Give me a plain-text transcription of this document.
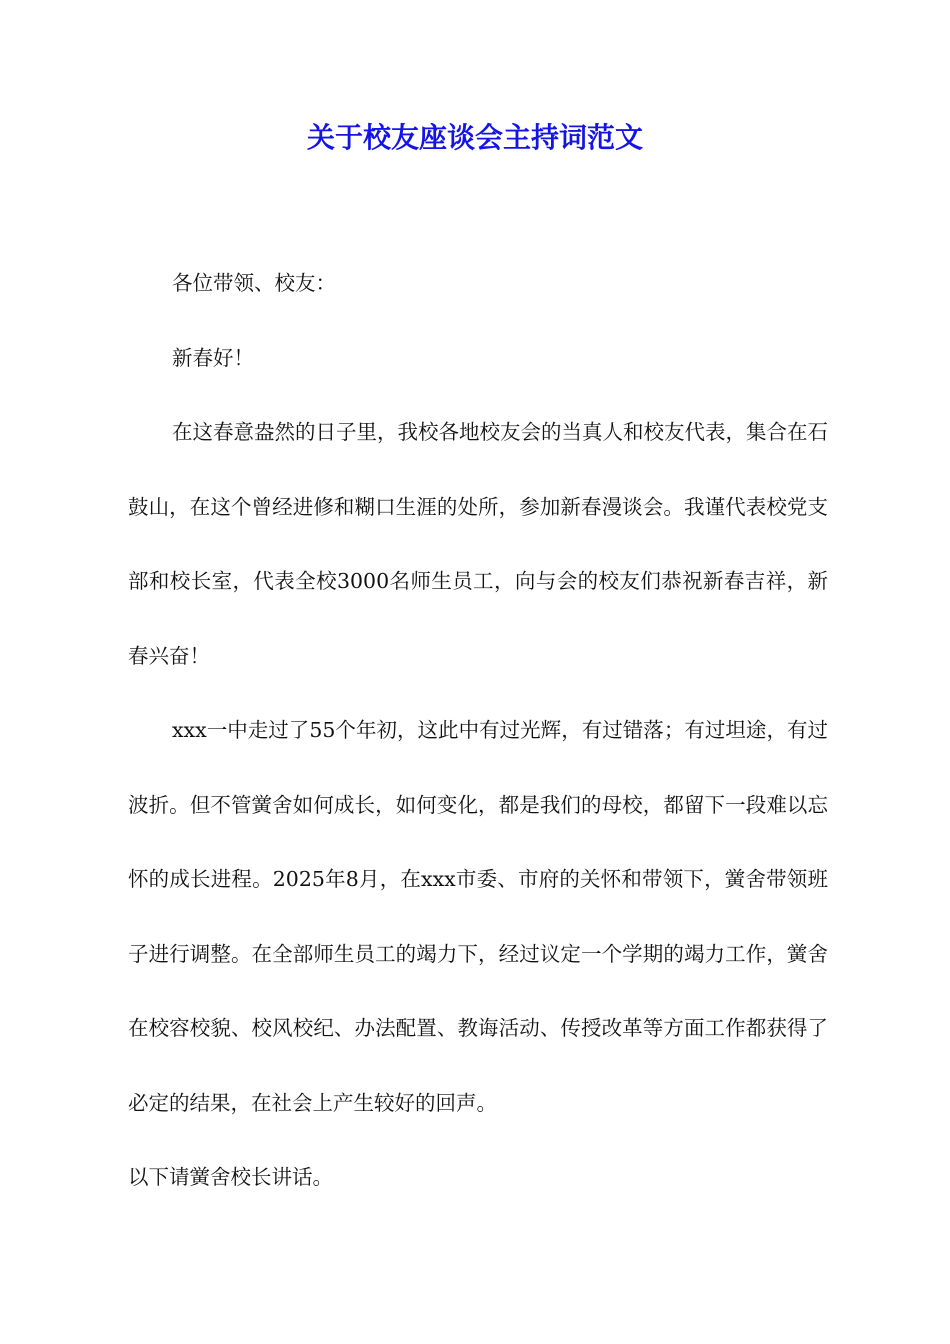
关于校友座谈会主持词范文

各位带领、校友：

新春好！

在这春意盎然的日子里，我校各地校友会的当真人和校友代表，集合在石鼓山，在这个曾经进修和糊口生涯的处所，参加新春漫谈会。我谨代表校党支部和校长室，代表全校3000名师生员工，向与会的校友们恭祝新春吉祥，新春兴奋！

xxx一中走过了55个年初，这此中有过光辉，有过错落；有过坦途，有过波折。但不管黉舍如何成长，如何变化，都是我们的母校，都留下一段难以忘怀的成长进程。2025年8月，在xxx市委、市府的关怀和带领下，黉舍带领班子进行调整。在全部师生员工的竭力下，经过议定一个学期的竭力工作，黉舍在校容校貌、校风校纪、办法配置、教诲活动、传授改革等方面工作都获得了必定的结果，在社会上产生较好的回声。

以下请黉舍校长讲话。
